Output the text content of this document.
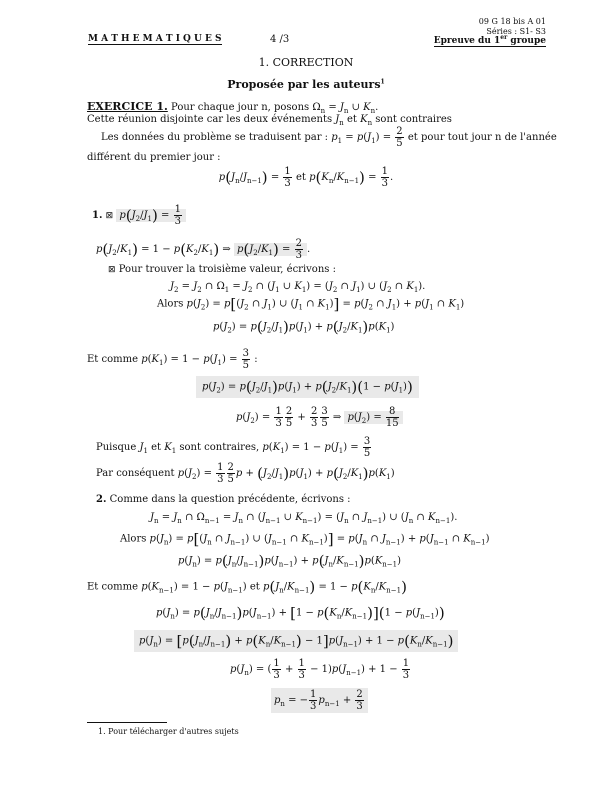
09 G 18 bis A 01
Séries : S1- S3
M A T H E M A T I Q U E S	4 /3	Epreuve du 1er groupe
1. CORRECTION
Proposée par les auteurs$^1$
EXERCICE 1. Pour chaque jour n, posons $\Omega_n = J_n$ ∪ $K_n$.
Cette réunion disjointe car les deux événements $J_n$ et $K_n$ sont contraires
Les données du problème se traduisent par : $p_1 = p(J_1) = \frac{2}{5}$ et pour tout jour n de l'année
différent du premier jour :
$p(J_n/J_{n-1}) = \frac{1}{3}$ et $p(K_n/K_{n-1}) = \frac{1}{3}$ .
1. ⊠ $p(J_2/J_1) = \frac{1}{3}$
$p(J_2/K_1) = 1 - p(K_2/K_1)$ ⇒ $p(J_2/K_1) = \frac{2}{3}$ .
⊠ Pour trouver la troisième valeur, écrivons :
$J_2 = J_2$ ∩ $\Omega_1 = J_2$ ∩ ($J_1$ ∪ $K_1) = (J_2$ ∩ $J_1$) ∪ ($J_2$ ∩ $K_1$).
Alors $p(J_2) = p[(J_2$ ∩ $J_1$) ∪ ($J_1$ ∩ $K_1)] = p(J_2$ ∩ $J_1) + p(J_1$ ∩ $K_1$)
$p(J_2) = p(J_2/J_1)p(J_1) + p(J_2/K_1)p(K_1)$
Et comme $p(K_1) = 1 - p(J_1) = \frac{3}{5}$ :
$p(J_2) = p(J_2/J_1)p(J_1) + p(J_2/K_1)(1 - p(J_1))$
$p(J_2) = \frac{1}{3} \frac{2}{5} + \frac{2}{3} \frac{3}{5}$ ⇒ $p(J_2) = \frac{8}{15}$
Puisque $J_1$ et $K_1$ sont contraires, $p(K_1) = 1 - p(J_1) = \frac{3}{5}$
Par conséquent $p(J_2) = \frac{1}{3} \frac{2}{5}$ $p + (J_2/J_1)p(J_1) + p(J_2/K_1)p(K_1)$
2. Comme dans la question précédente, écrivons :
$J_n = J_n$ ∩ $\Omega_{n-1} = J_n$ ∩ ($J_{n-1}$ ∪ $K_{n-1}) = (J_n$ ∩ $J_{n-1}$) ∪ ($J_n$ ∩ $K_{n-1}$).
Alors $p(J_n) = p[(J_n$ ∩ $J_{n-1}$) ∪ ($J_{n-1}$ ∩ $K_{n-1})] = p(J_n$ ∩ $J_{n-1}) + p(J_{n-1}$ ∩ $K_{n-1}$)
$p(J_n) = p(J_n/J_{n-1})p(J_{n-1}) + p(J_n/K_{n-1})p(K_{n-1})$
Et comme $p(K_{n-1}) = 1 - p(J_{n-1})$ et $p(J_n/K_{n-1}) = 1 - p(K_n/K_{n-1})$
$p(J_n) = p(J_n/J_{n-1})p(J_{n-1}) + [1 - p(K_n/K_{n-1})](1 - p(J_{n-1}))$
$p(J_n) = [p(J_n/J_{n-1}) + p(K_n/K_{n-1}) - 1]p(J_{n-1}) + 1 - p(K_n/K_{n-1})$
$p(J_n)$ = ( $\frac{1}{3} + \frac{1}{3} - 1)p(J_{n-1}) + 1 - \frac{1}{3}$
$p_n$ = − $\frac{1}{3} p_{n-1} + \frac{2}{3}$
1. Pour télécharger d'autres sujets
